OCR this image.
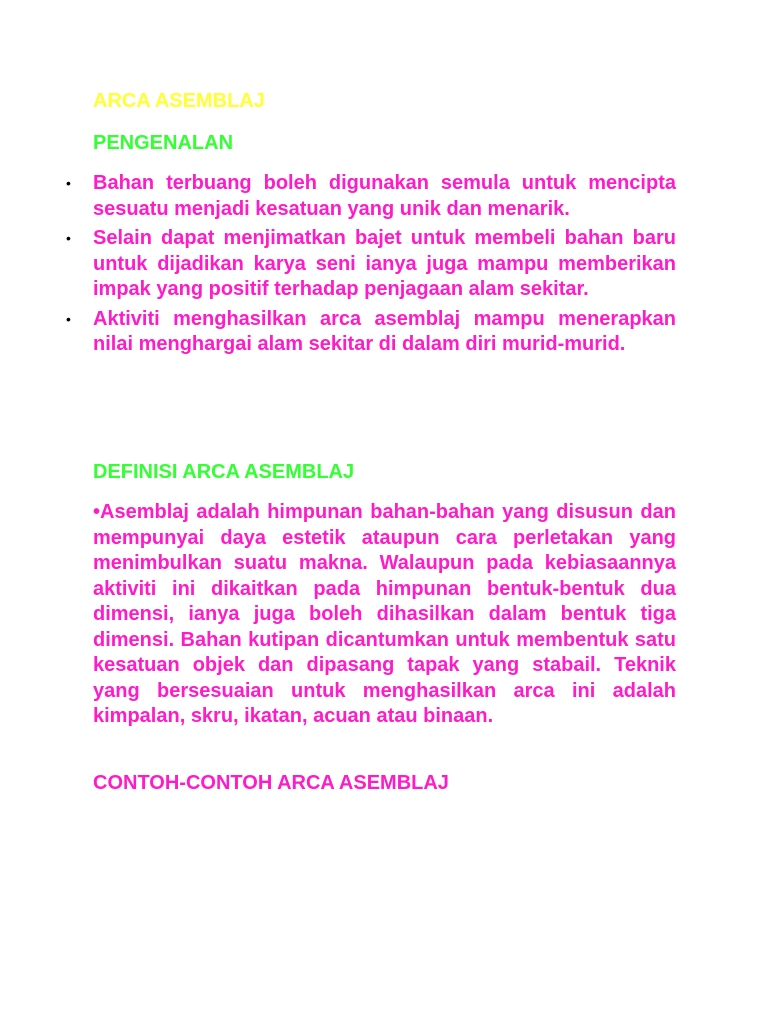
ARCA ASEMBLAJ
PENGENALAN
• Bahan terbuang boleh digunakan semula untuk mencipta sesuatu menjadi kesatuan yang unik dan menarik.
• Selain dapat menjimatkan bajet untuk membeli bahan baru untuk dijadikan karya seni ianya juga mampu memberikan impak yang positif terhadap penjagaan alam sekitar.
• Aktiviti menghasilkan arca asemblaj mampu menerapkan nilai menghargai alam sekitar di dalam diri murid-murid.
DEFINISI ARCA ASEMBLAJ
•Asemblaj adalah himpunan bahan-bahan yang disusun dan mempunyai daya estetik ataupun cara perletakan yang menimbulkan suatu makna. Walaupun pada kebiasaannya aktiviti ini dikaitkan pada himpunan bentuk-bentuk dua dimensi, ianya juga boleh dihasilkan dalam bentuk tiga dimensi. Bahan kutipan dicantumkan untuk membentuk satu kesatuan objek dan dipasang tapak yang stabail. Teknik yang bersesuaian untuk menghasilkan arca ini adalah kimpalan, skru, ikatan, acuan atau binaan.
CONTOH-CONTOH ARCA ASEMBLAJ
